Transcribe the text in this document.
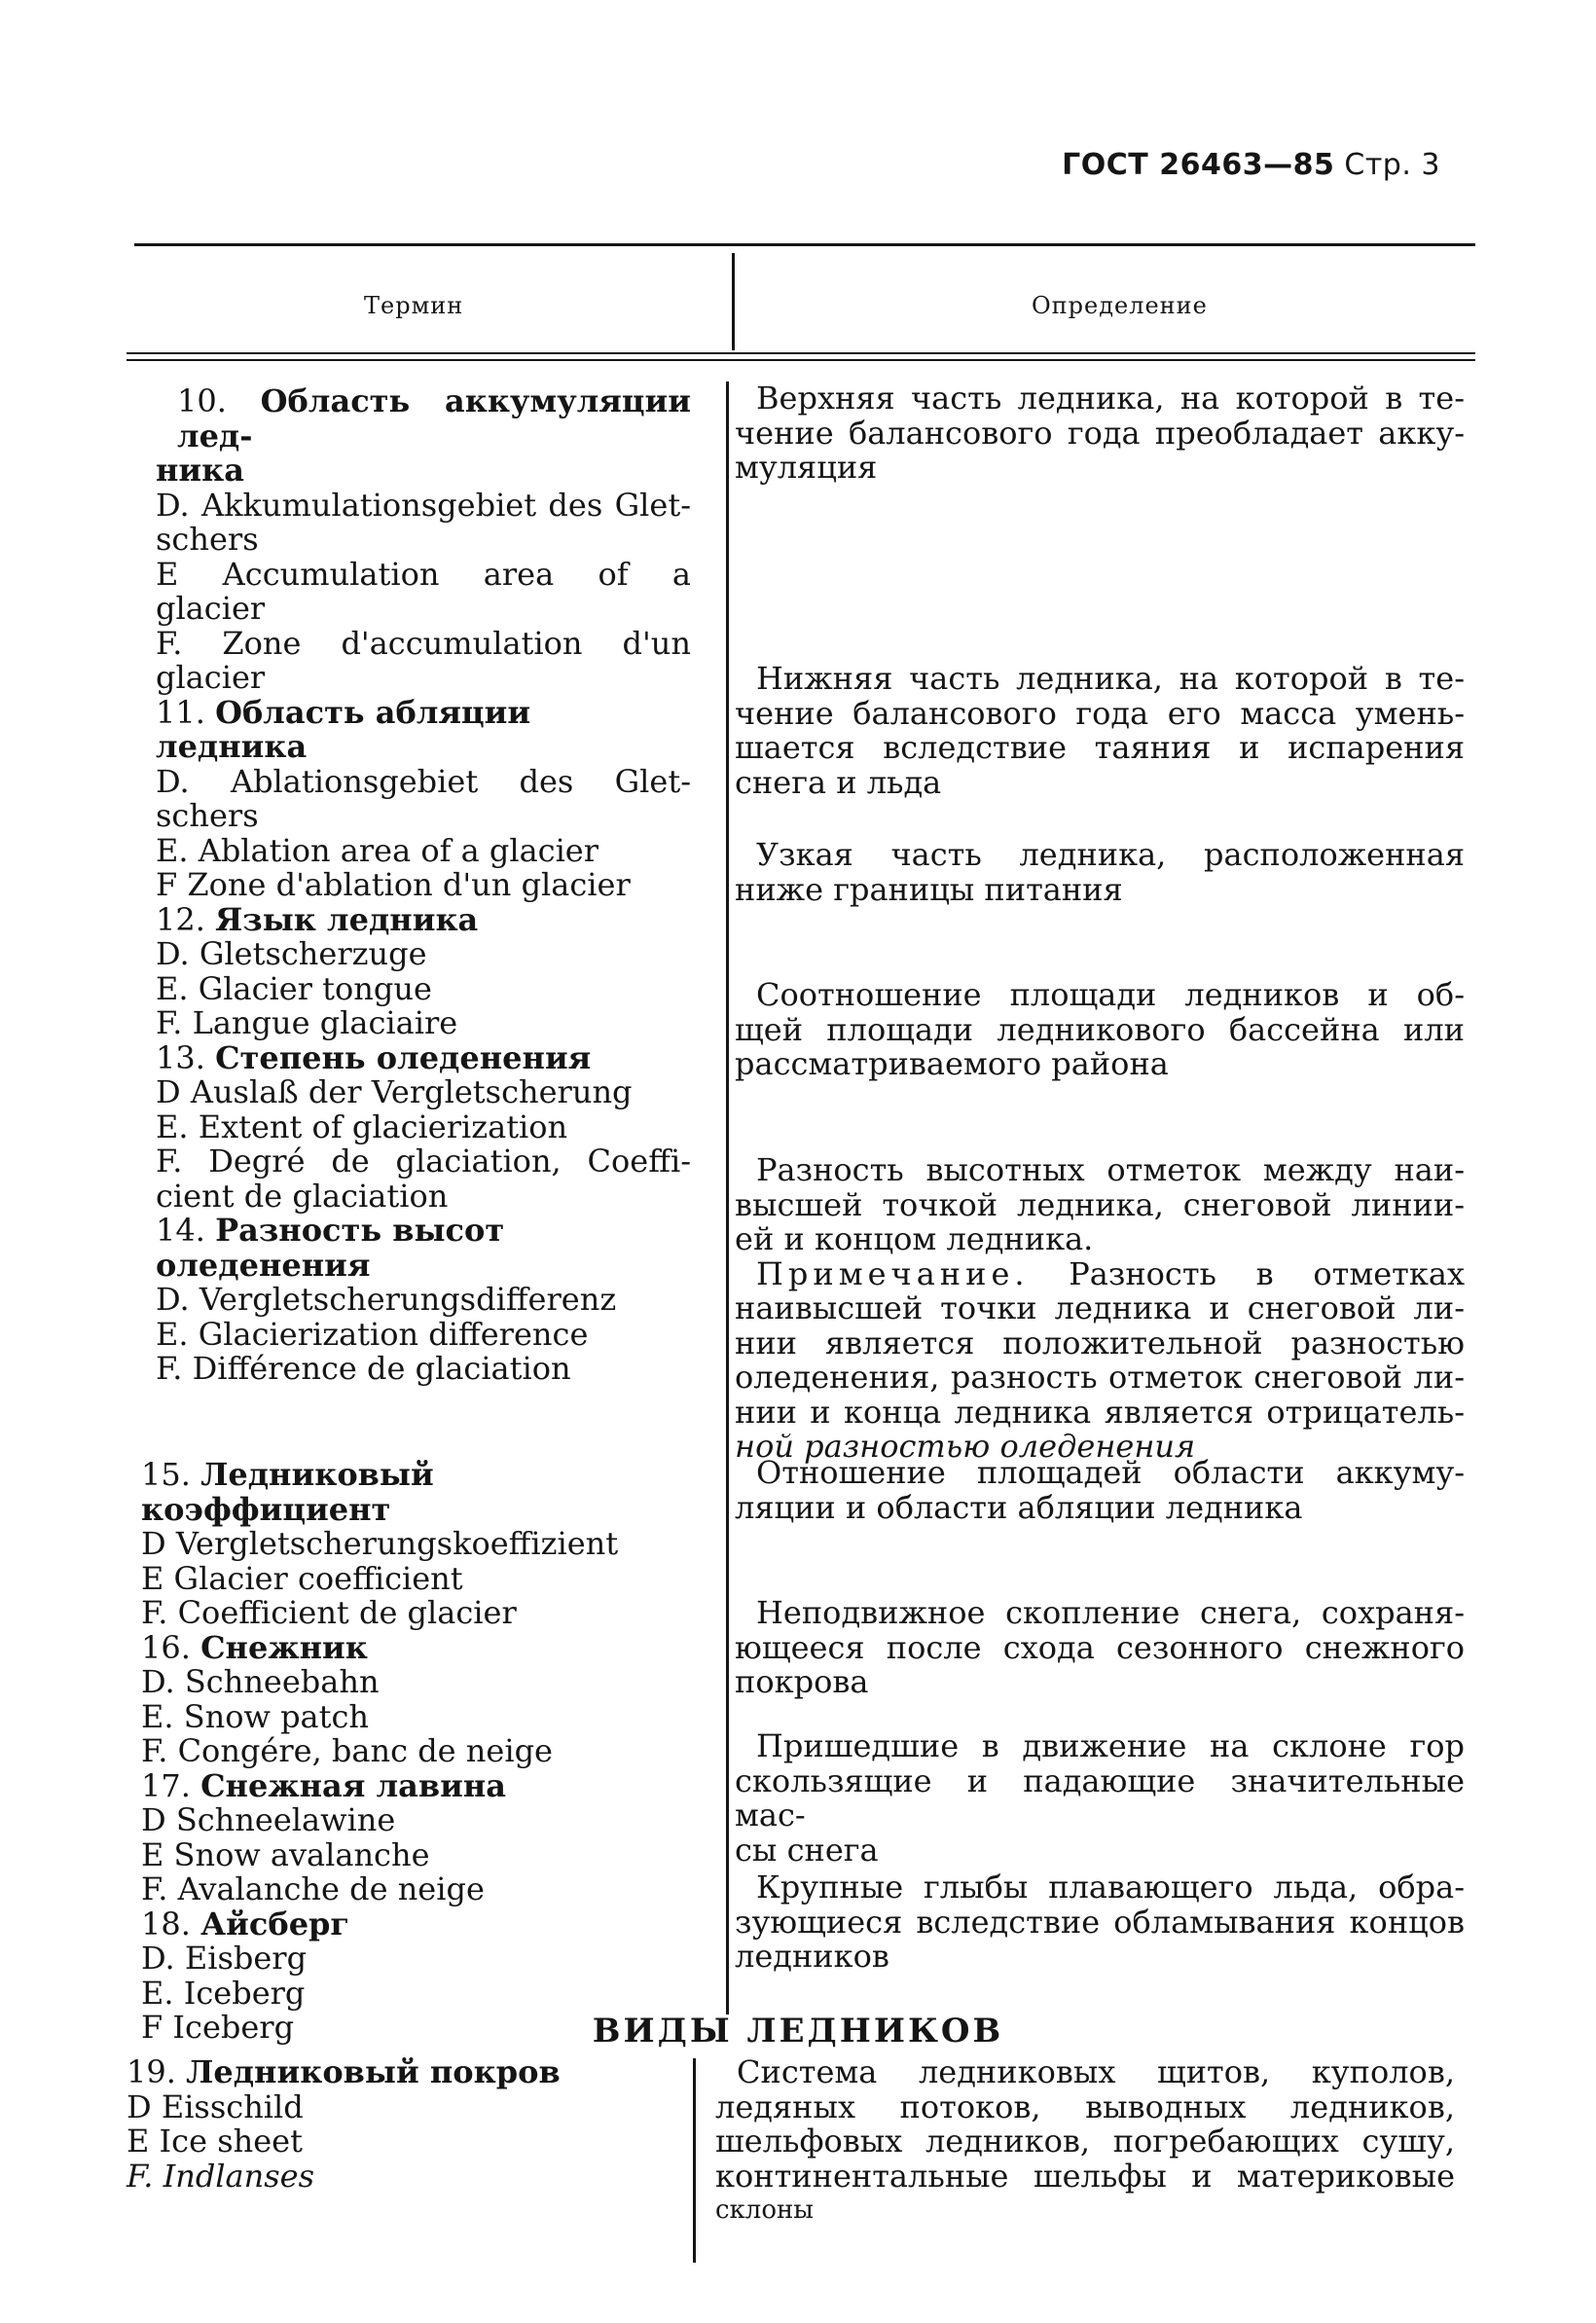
ГОСТ 26463—85 Стр. 3
Термин	Определение

10. Область аккумуляции лед-

ника

D. Akkumulationsgebiet des Glet-

schers

E Accumulation area of a

glacier

F. Zone d'accumulation d'un

glacier

11. Область абляции ледника

D. Ablationsgebiet des Glet-

schers

E. Ablation area of a glacier

F Zone d'ablation d'un glacier

12. Язык ледника

D. Gletscherzuge

E. Glacier tongue

F. Langue glaciaire

13. Степень оледенения

D Auslaß der Vergletscherung

E. Extent of glacierization

F. Degré de glaciation, Coeffi-

cient de glaciation

14. Разность высот оледенения

D. Vergletscherungsdifferenz

E. Glacierization difference

F. Différence de glaciation

15. Ледниковый коэффициент

D Vergletscherungskoeffizient

E Glacier coefficient

F. Coefficient de glacier

16. Снежник

D. Schneebahn

E. Snow patch

F. Congére, banc de neige

17. Снежная лавина

D Schneelawine

E Snow avalanche

F. Avalanche de neige

18. Айсберг

D. Eisberg

E. Iceberg

F Iceberg

Верхняя часть ледника, на которой в те-

чение балансового года преобладает акку-

муляция

Нижняя часть ледника, на которой в те-

чение балансового года его масса умень-

шается вследствие таяния и испарения

снега и льда

Узкая часть ледника, расположенная

ниже границы питания

Соотношение площади ледников и об-

щей площади ледникового бассейна или

рассматриваемого района

Разность высотных отметок между наи-

высшей точкой ледника, снеговой линии-

ей и концом ледника.

Примечание. Разность в отметках

наивысшей точки ледника и снеговой ли-

нии является положительной разностью

оледенения, разность отметок снеговой ли-

нии и конца ледника является отрицатель-

ной разностью оледенения

Отношение площадей области аккуму-

ляции и области абляции ледника

Неподвижное скопление снега, сохраня-

ющееся после схода сезонного снежного

покрова

Пришедшие в движение на склоне гор

скользящие и падающие значительные мас-

сы снега

Крупные глыбы плавающего льда, обра-

зующиеся вследствие обламывания концов

ледников

ВИДЫ ЛЕДНИКОВ

19. Ледниковый покров

D Eisschild

E Ice sheet

F. Indlanses

Система ледниковых щитов, куполов,

ледяных потоков, выводных ледников,

шельфовых ледников, погребающих сушу,

континентальные шельфы и материковые

склоны
